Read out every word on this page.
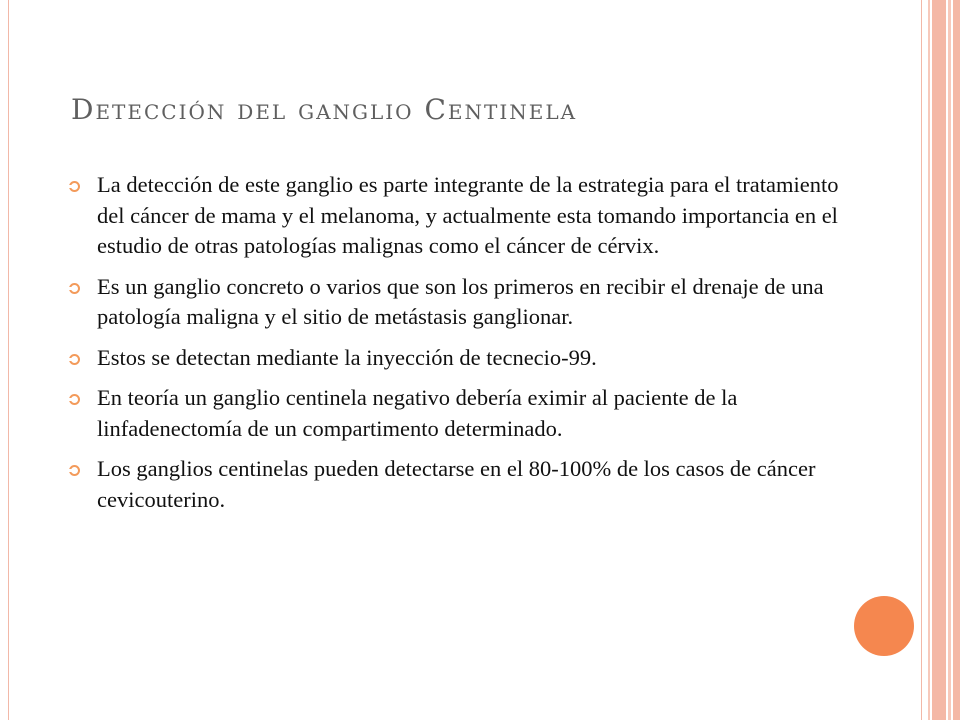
Detección del ganglio Centinela
La detección de este ganglio es parte integrante de la estrategia para el tratamiento del cáncer de mama y el melanoma, y actualmente esta tomando importancia en el estudio de otras patologías malignas como el cáncer de cérvix.
Es un ganglio concreto o varios que son los primeros en recibir el drenaje de una patología maligna y el sitio de metástasis ganglionar.
Estos se detectan mediante la inyección de tecnecio-99.
En teoría un ganglio centinela negativo debería eximir al paciente de la linfadenectomía de un compartimento determinado.
Los ganglios centinelas pueden detectarse en el 80-100% de los casos de cáncer cevicouterino.
